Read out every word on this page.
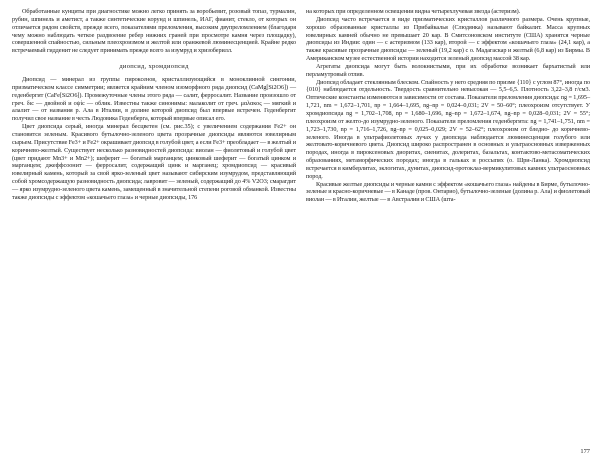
Обработанные кунциты при диагностике можно легко принять за воробьевит, розовый топаз, турмалин, рубин, шпинель и аметист, а также синтетические корунд и шпинель, ИАГ, фианит, стекло, от которых он отличается рядом свойств, прежде всего, показателями преломления, высоким двупреломлением (благодаря чему можно наблюдать четкое раздвоение ребер нижних граней при просмотре камня через площадку), совершенной спайностью, сильным плеохроизмом и желтой или оранжевой люминесценцией. Крайне редко встречаемый гидденит не следует принимать прежде всего за изумруд и хризоберилл.

диопсид, хромдиопсид

Диопсид — минерал из группы пироксенов, кристаллизующийся в моноклинной сингонии, призматическом классе симметрии; является крайним членом изоморфного ряда диопсид (CaMg[Si2O6]) — геденбергит (CaFe[Si2O6]). Промежуточные члены этого ряда — салит, ферросалит. Название произошло от греч. διc — двойной и οψίc — облик. Известны также синонимы: малаколит от греч. μαλακος — мягкий и алалит — от названия р. Ала в Италии, в долине которой диопсид был впервые встречен. Геденбергит получил свое название в честь Людовика Геденберга, который впервые описал его.

Цвет диопсида серый, иногда минерал бесцветен (см. рис.35); с увеличением содержания Fe2+ он становится зеленым. Красивого бутылочно-зеленого цвета прозрачные диопсиды являются ювелирным сырьем. Присутствие Fe3+ и Fe2+ окрашивает диопсид в голубой цвет, а если Fe3+ преобладает — в желтый и коричнево-желтый. Существует несколько разновидностей диопсида: виолан — фиолетовый и голубой цвет (цвет придают Mn3+ и Mn2+); шеферит — богатый марганцем; цинковый шеферит — богатый цинком и марганцем; джеффсоонит — ферросалит, содержащий цинк и марганец; хромдиопсид — красивый ювелирный камень, который за свой ярко-зеленый цвет называют сибирским изумрудом, представляющий собой хромсодержащую разновидность диопсида; лавровит — зеленый, содержащий до 4% V2O3; смарагдит — ярко изумрудно-зеленого цвета камень, замещенный в значительной степени роговой обманкой. Известны также диопсиды с эффектом «кошачьего глаза» и черные диопсиды, 176

на которых при определенном освещении видна четырехлучевая звезда (астеризм).

Диопсид часто встречается в виде призматических кристаллов различного размера. Очень крупные, хорошо образованные кристаллы из Прибайкалья (Слюдянка) называют байкалит. Масса крупных ювелирных камней обычно не превышает 20 кар. В Смитсоновском институте (США) хранятся черные диопсиды из Индии: один — с астеризмом (133 кар), второй — с эффектом «кошачьего глаза» (24,1 кар), а также красивые прозрачные диопсиды — зеленый (19,2 кар) с о. Мадагаскар и желтый (6,8 кар) из Бирмы. В Американском музее естественной истории находится зеленый диопсид массой 38 кар.

Агрегаты диопсида могут быть волокнистыми, при их обработке возникает бархатистый или перламутровый отлив.

Диопсид обладает стеклянным блеском. Спайность у него средняя по призме {110} с углом 87°, иногда по {010} наблюдается отдельность. Твердость сравнительно невысокая — 5,5–6,5. Плотность 3,22–3,8 г/см3. Оптические константы изменяются в зависимости от состава. Показатели преломления диопсида: ng = 1,695–1,721, nm = 1,672–1,701, np = 1,664–1,695, ng–np = 0,024–0,031; 2V = 50–60°; плеохроизм отсутствует. У хромдиопсида ng = 1,702–1,708, np = 1,680–1,696, ng–np = 1,672–1,674, ng–np = 0,028–0,031; 2V = 55°; плеохроизм от желто-до изумрудно-зеленого. Показатели преломления геденбергита: ng = 1,741–1,751, nm = 1,723–1,730, np = 1,716–1,726, ng–np = 0,025–0,029; 2V = 52–62°; плеохроизм от бледно- до коричнево-зеленого. Иногда в ультрафиолетовых лучах у диопсида наблюдается люминесценция голубого или желтовато-коричневого цвета. Диопсид широко распространен в основных и ультраосновных изверженных породах, иногда в пироксеновых диоритах, сиенитах, долеритах, базальтах, контактово-метасоматических образованиях, метаморфических породах; иногда в гальках и россыпях (о. Шри-Ланка). Хромдиопсид встречается в кимберлитах, эклогитах, дунитах, диопсид-оротоклаз-вермикулитовых камнях ультраосновных пород.

Красивые желтые диопсиды и черные камни с эффектом «кошачьего глаза» найдены в Бирме, бутылочно-зеленые и красно-коричневые — в Канаде (пров. Онтарио), бутылочно-зеленые (долина р. Ала) и фиолетовый виолан — в Италии, желтые — в Австралии и США (шта-

177
